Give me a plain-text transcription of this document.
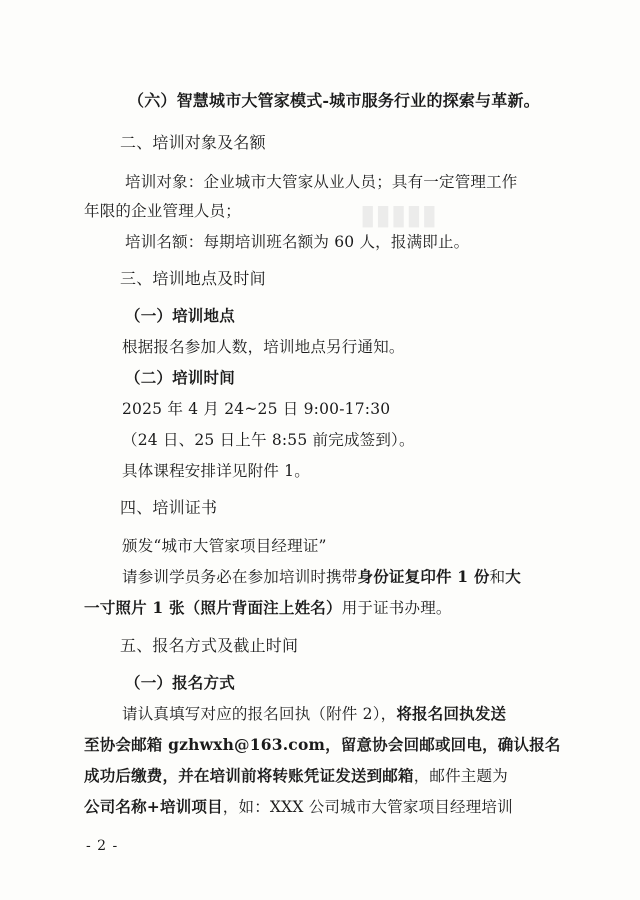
▮▮▮▮▮
（六）智慧城市大管家模式-城市服务行业的探索与革新。
二、培训对象及名额
培训对象：企业城市大管家从业人员；具有一定管理工作
年限的企业管理人员；
培训名额：每期培训班名额为 60 人，报满即止。
三、培训地点及时间
（一）培训地点
根据报名参加人数，培训地点另行通知。
（二）培训时间
2025 年 4 月 24~25 日 9:00-17:30
（24 日、25 日上午 8:55 前完成签到）。
具体课程安排详见附件 1。
四、培训证书
颁发“城市大管家项目经理证”
请参训学员务必在参加培训时携带身份证复印件 1 份和大
一寸照片 1 张（照片背面注上姓名）用于证书办理。
五、报名方式及截止时间
（一）报名方式
请认真填写对应的报名回执（附件 2），将报名回执发送
至协会邮箱 gzhwxh@163.com，留意协会回邮或回电，确认报名
成功后缴费，并在培训前将转账凭证发送到邮箱，邮件主题为
公司名称+培训项目，如：XXX 公司城市大管家项目经理培训
- 2 -
